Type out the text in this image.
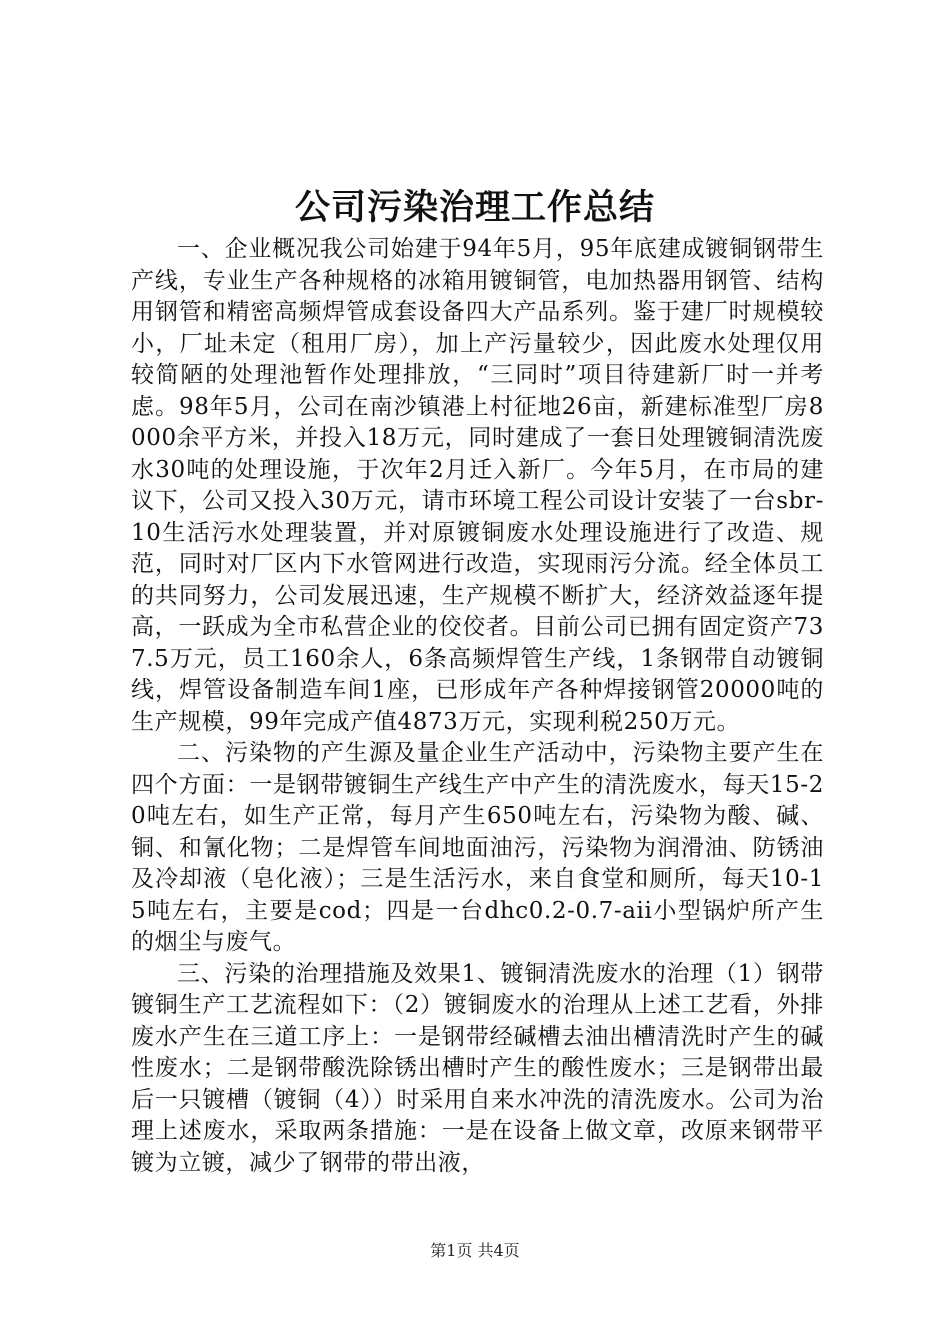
公司污染治理工作总结

一、企业概况我公司始建于94年5月，95年底建成镀铜钢带生产线，专业生产各种规格的冰箱用镀铜管，电加热器用钢管、结构用钢管和精密高频焊管成套设备四大产品系列。鉴于建厂时规模较小，厂址未定（租用厂房），加上产污量较少，因此废水处理仅用较简陋的处理池暂作处理排放，“三同时”项目待建新厂时一并考虑。98年5月，公司在南沙镇港上村征地26亩，新建标准型厂房8000余平方米，并投入18万元，同时建成了一套日处理镀铜清洗废水30吨的处理设施，于次年2月迁入新厂。今年5月，在市局的建议下，公司又投入30万元，请市环境工程公司设计安装了一台sbr-10生活污水处理装置，并对原镀铜废水处理设施进行了改造、规范，同时对厂区内下水管网进行改造，实现雨污分流。经全体员工的共同努力，公司发展迅速，生产规模不断扩大，经济效益逐年提高，一跃成为全市私营企业的佼佼者。目前公司已拥有固定资产737.5万元，员工160余人，6条高频焊管生产线，1条钢带自动镀铜线，焊管设备制造车间1座，已形成年产各种焊接钢管20000吨的生产规模，99年完成产值4873万元，实现利税250万元。

二、污染物的产生源及量企业生产活动中，污染物主要产生在四个方面：一是钢带镀铜生产线生产中产生的清洗废水，每天15-20吨左右，如生产正常，每月产生650吨左右，污染物为酸、碱、铜、和氰化物；二是焊管车间地面油污，污染物为润滑油、防锈油及冷却液（皂化液）；三是生活污水，来自食堂和厕所，每天10-15吨左右，主要是cod；四是一台dhc0.2-0.7-aii小型锅炉所产生的烟尘与废气。

三、污染的治理措施及效果1、镀铜清洗废水的治理（1）钢带镀铜生产工艺流程如下：（2）镀铜废水的治理从上述工艺看，外排废水产生在三道工序上：一是钢带经碱槽去油出槽清洗时产生的碱性废水；二是钢带酸洗除锈出槽时产生的酸性废水；三是钢带出最后一只镀槽（镀铜（4））时采用自来水冲洗的清洗废水。公司为治理上述废水，采取两条措施：一是在设备上做文章，改原来钢带平镀为立镀，减少了钢带的带出液，

第1页 共4页
